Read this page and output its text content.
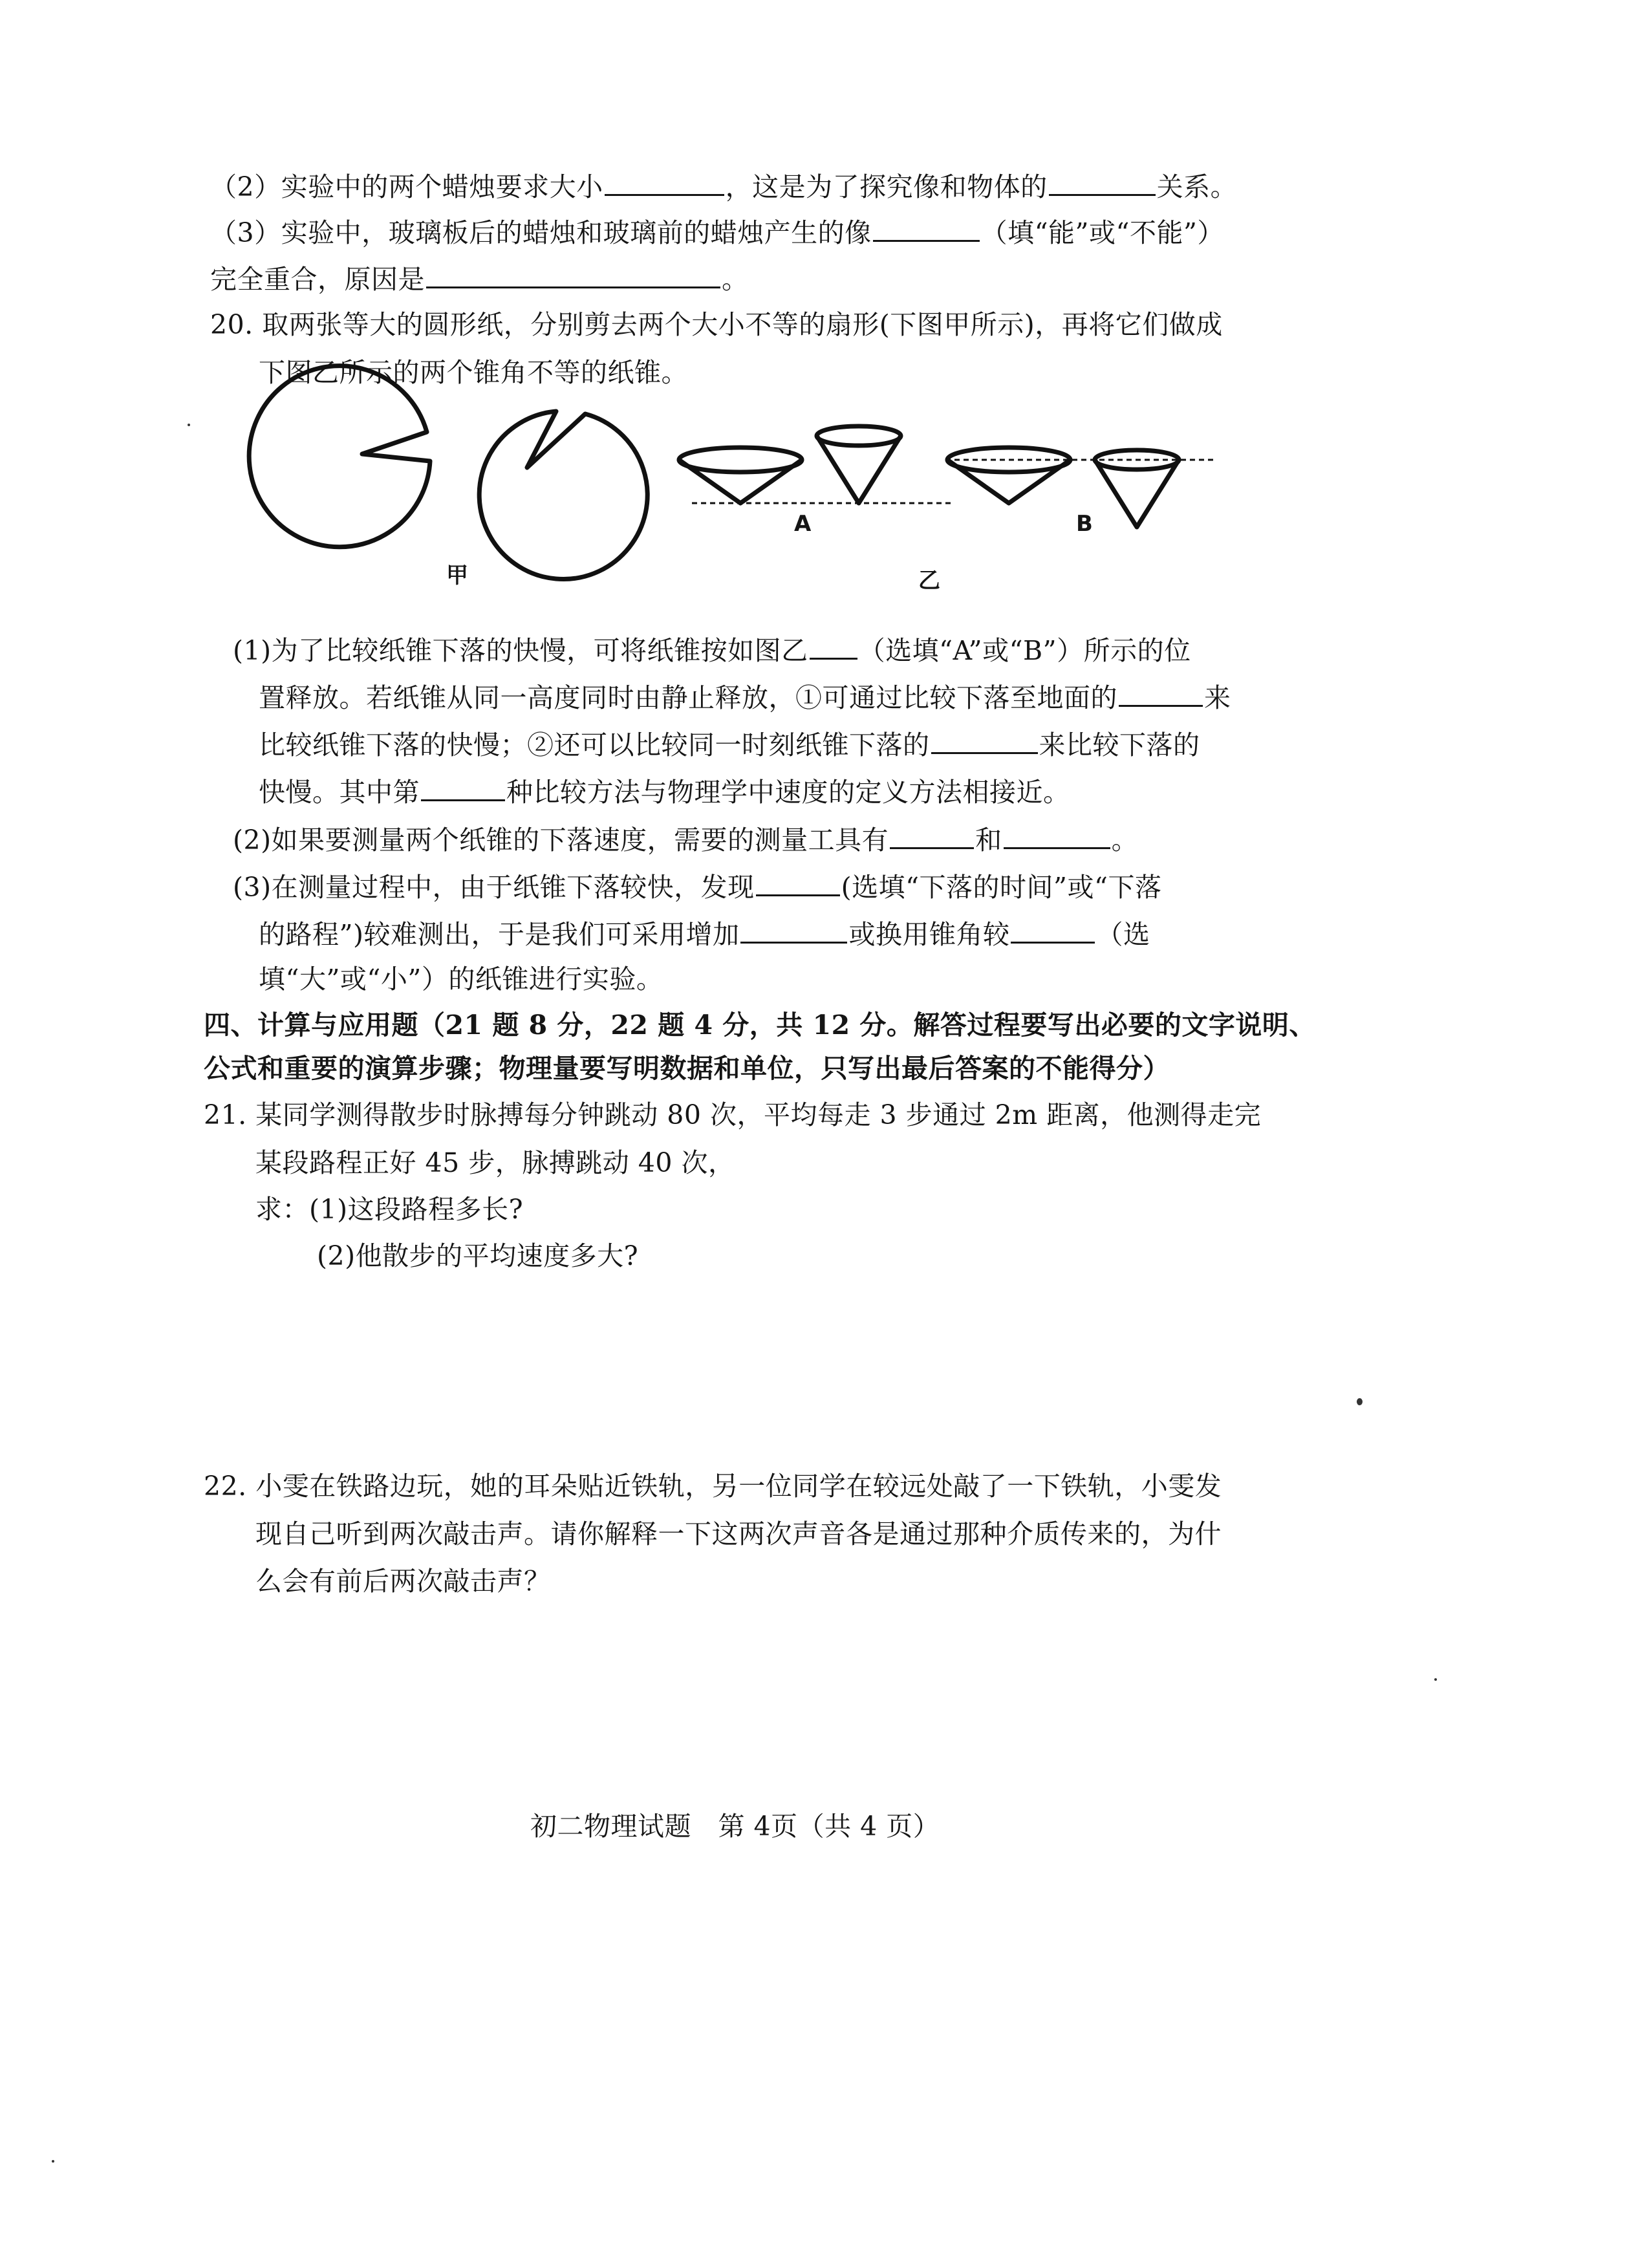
（2）实验中的两个蜡烛要求大小	，这是为了探究像和物体的	关系。
（3）实验中，玻璃板后的蜡烛和玻璃前的蜡烛产生的像	（填“能”或“不能”）
完全重合，原因是	。
20. 取两张等大的圆形纸，分别剪去两个大小不等的扇形(下图甲所示)，再将它们做成
下图乙所示的两个锥角不等的纸锥。
A	B
甲	乙
(1)为了比较纸锥下落的快慢，可将纸锥按如图乙 （选填“A”或“B”）所示的位
置释放。若纸锥从同一高度同时由静止释放，①可通过比较下落至地面的	来
比较纸锥下落的快慢；②还可以比较同一时刻纸锥下落的	来比较下落的
快慢。其中第	种比较方法与物理学中速度的定义方法相接近。
(2)如果要测量两个纸锥的下落速度，需要的测量工具有	和	。
(3)在测量过程中，由于纸锥下落较快，发现	(选填“下落的时间”或“下落
的路程”)较难测出，于是我们可采用增加	或换用锥角较	（选
填“大”或“小”）的纸锥进行实验。
四、计算与应用题（21 题 8 分，22 题 4 分，共 12 分。解答过程要写出必要的文字说明、
公式和重要的演算步骤；物理量要写明数据和单位，只写出最后答案的不能得分）
21. 某同学测得散步时脉搏每分钟跳动 80 次，平均每走 3 步通过 2m 距离，他测得走完
某段路程正好 45 步，脉搏跳动 40 次，
求：(1)这段路程多长?
(2)他散步的平均速度多大?
22. 小雯在铁路边玩，她的耳朵贴近铁轨，另一位同学在较远处敲了一下铁轨，小雯发
现自己听到两次敲击声。请你解释一下这两次声音各是通过那种介质传来的，为什
么会有前后两次敲击声？
初二物理试题　第 4页（共 4 页）
